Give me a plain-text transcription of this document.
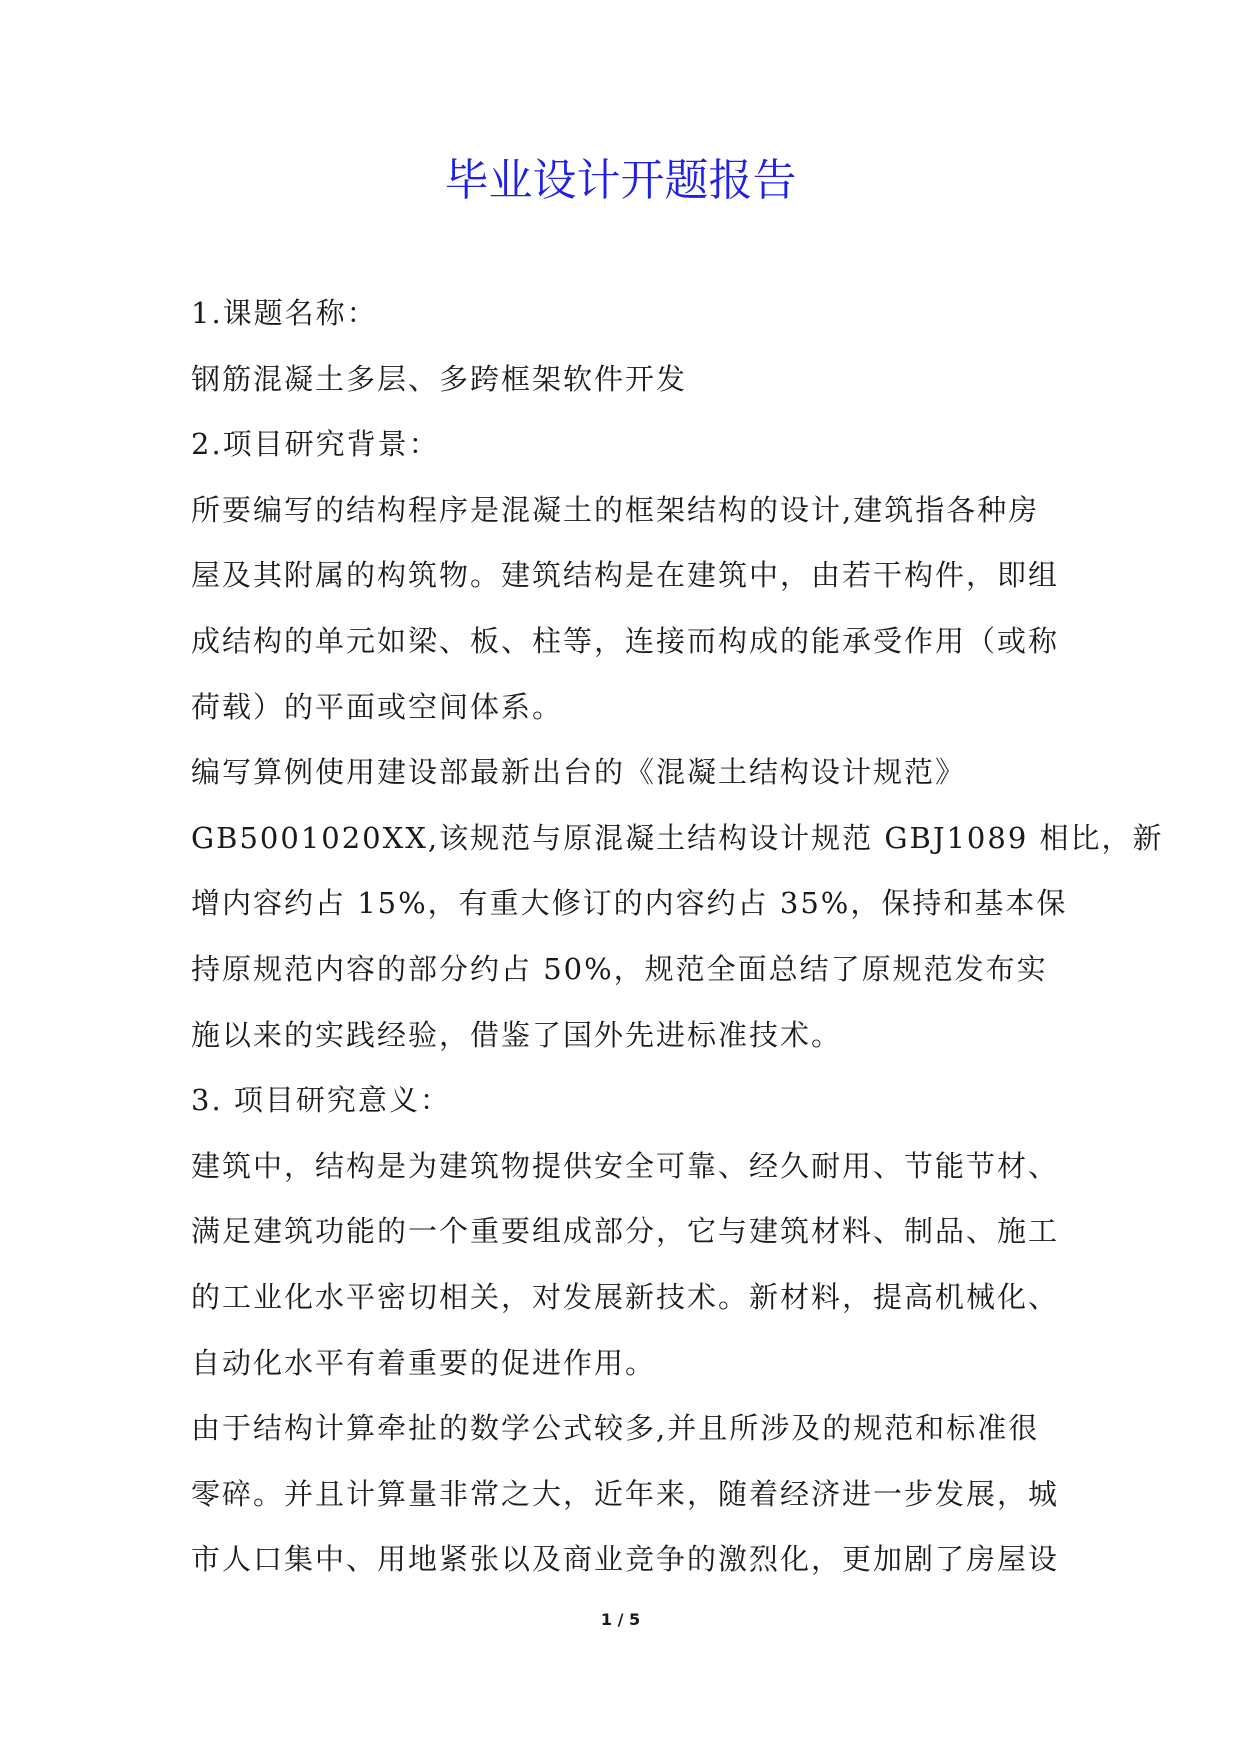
毕业设计开题报告
1.课题名称：
钢筋混凝土多层、多跨框架软件开发
2.项目研究背景：
所要编写的结构程序是混凝土的框架结构的设计,建筑指各种房
屋及其附属的构筑物。建筑结构是在建筑中，由若干构件，即组
成结构的单元如梁、板、柱等，连接而构成的能承受作用（或称
荷载）的平面或空间体系。
编写算例使用建设部最新出台的《混凝土结构设计规范》
GB5001020XX,该规范与原混凝土结构设计规范 GBJ1089 相比，新
增内容约占 15%，有重大修订的内容约占 35%，保持和基本保
持原规范内容的部分约占 50%，规范全面总结了原规范发布实
施以来的实践经验，借鉴了国外先进标准技术。
3. 项目研究意义：
建筑中，结构是为建筑物提供安全可靠、经久耐用、节能节材、
满足建筑功能的一个重要组成部分，它与建筑材料、制品、施工
的工业化水平密切相关，对发展新技术。新材料，提高机械化、
自动化水平有着重要的促进作用。
由于结构计算牵扯的数学公式较多,并且所涉及的规范和标准很
零碎。并且计算量非常之大，近年来，随着经济进一步发展，城
市人口集中、用地紧张以及商业竞争的激烈化，更加剧了房屋设
1 / 5
